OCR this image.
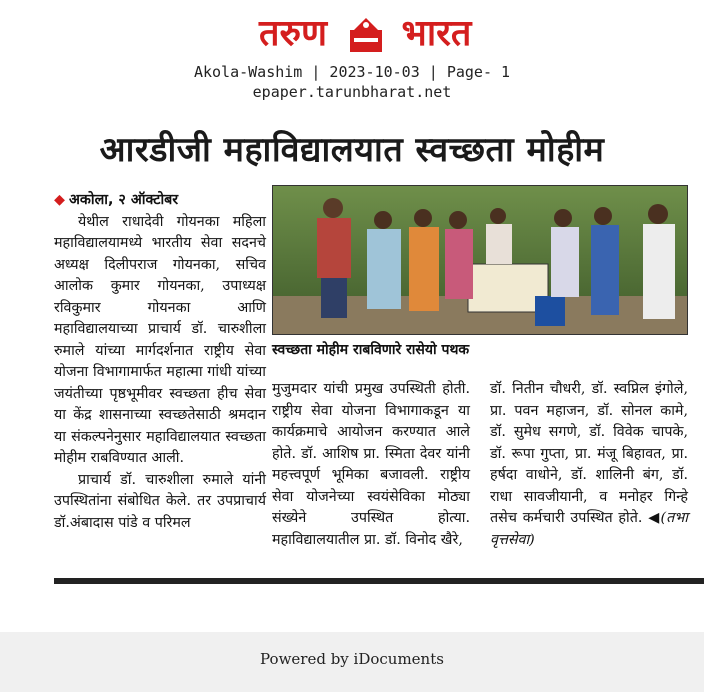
तरुण	भारत
Akola-Washim | 2023-10-03 | Page- 1
epaper.tarunbharat.net
आरडीजी महाविद्यालयात स्वच्छता मोहीम
◆ अकोला, २ ऑक्टोबर

येथील राधादेवी गोयनका महिला महाविद्यालयामध्ये भारतीय सेवा सदनचे अध्यक्ष दिलीपराज गोयनका, सचिव आलोक कुमार गोयनका, उपाध्यक्ष रविकुमार गोयनका आणि महाविद्यालयाच्या प्राचार्य डॉ. चारुशीला रुमाले यांच्या मार्गदर्शनात राष्ट्रीय सेवा योजना विभागामार्फत महात्मा गांधी यांच्या जयंतीच्या पृष्ठभूमीवर स्वच्छता हीच सेवा या केंद्र शासनाच्या स्वच्छतेसाठी श्रमदान या संकल्पनेनुसार महाविद्यालयात स्वच्छता मोहीम राबविण्यात आली.

प्राचार्य डॉ. चारुशीला रुमाले यांनी उपस्थितांना संबोधित केले. तर उपप्राचार्य डॉ.अंबादास पांडे व परिमल

स्वच्छता मोहीम राबविणारे रासेयो पथक

मुजुमदार यांची प्रमुख उपस्थिती होती. राष्ट्रीय सेवा योजना विभागाकडून या कार्यक्रमाचे आयोजन करण्यात आले होते. डॉ. आशिष प्रा. स्मिता देवर यांनी महत्त्वपूर्ण भूमिका बजावली. राष्ट्रीय सेवा योजनेच्या स्वयंसेविका मोठ्या संख्येने उपस्थित होत्या. महाविद्यालयातील प्रा. डॉ. विनोद खैरे,

डॉ. नितीन चौधरी, डॉ. स्वप्निल इंगोले, प्रा. पवन महाजन, डॉ. सोनल कामे, डॉ. सुमेध सगणे, डॉ. विवेक चापके, डॉ. रूपा गुप्ता, प्रा. मंजू बिहावत, प्रा. हर्षदा वाधोने, डॉ. शालिनी बंग, डॉ. राधा सावजीयानी, व मनोहर गिन्हे तसेच कर्मचारी उपस्थित होते. ◀(तभा वृत्तसेवा)

Powered by iDocuments
